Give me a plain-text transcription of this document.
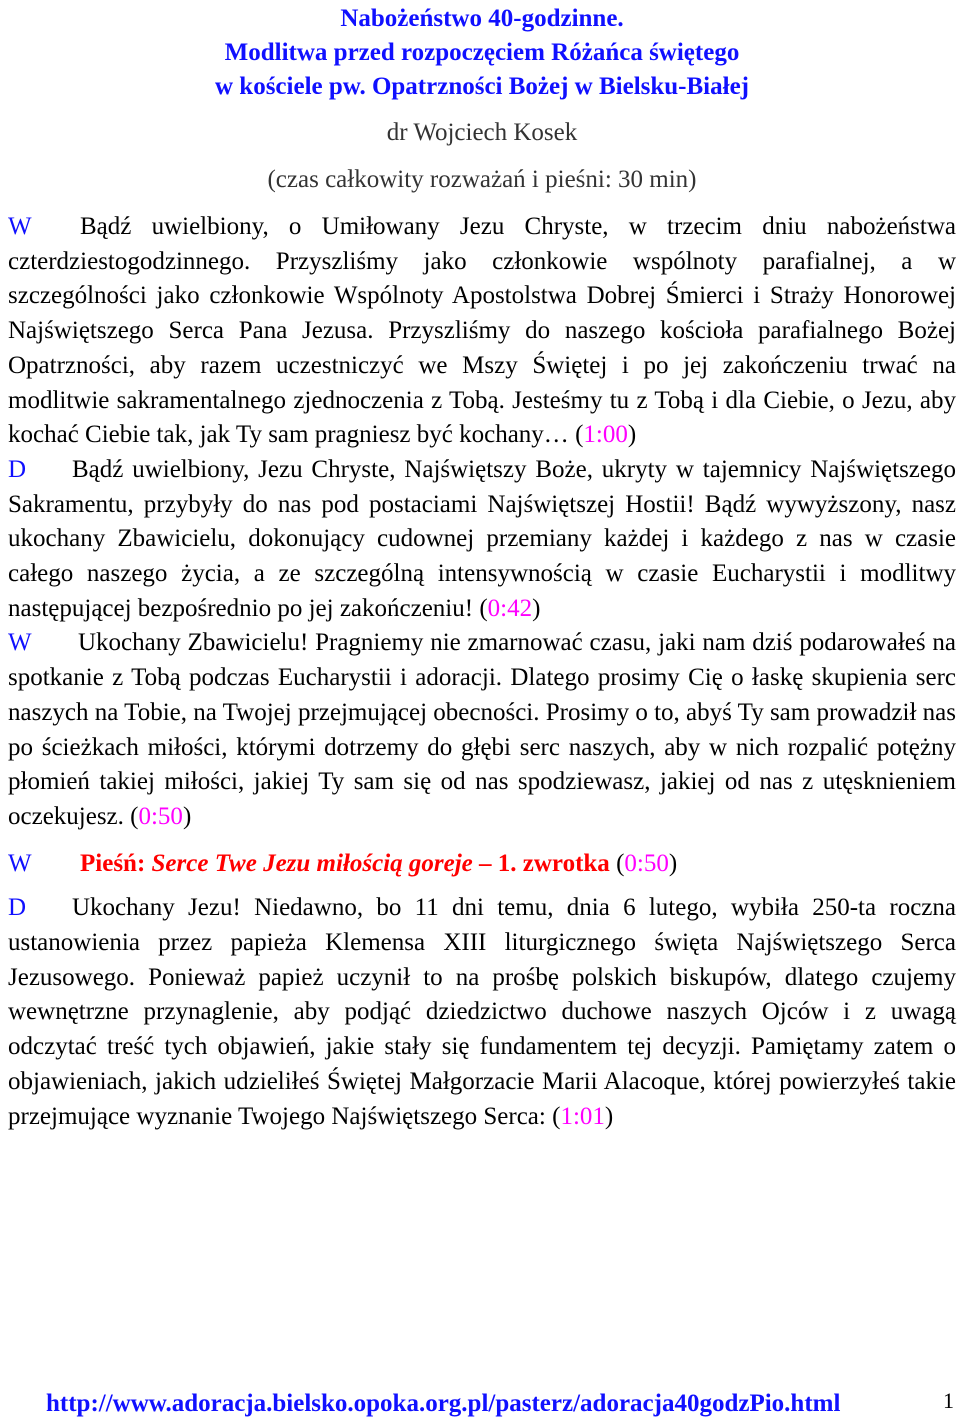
Nabożeństwo 40-godzinne.
Modlitwa przed rozpoczęciem Różańca świętego
w kościele pw. Opatrzności Bożej w Bielsku-Białej
dr Wojciech Kosek
(czas całkowity rozważań i pieśni: 30 min)

W Bądź uwielbiony, o Umiłowany Jezu Chryste, w trzecim dniu nabożeństwa czterdziestogodzinnego. Przyszliśmy jako członkowie wspólnoty parafialnej, a w szczególności jako członkowie Wspólnoty Apostolstwa Dobrej Śmierci i Straży Honorowej Najświętszego Serca Pana Jezusa. Przyszliśmy do naszego kościoła parafialnego Bożej Opatrzności, aby razem uczestniczyć we Mszy Świętej i po jej zakończeniu trwać na modlitwie sakramentalnego zjednoczenia z Tobą. Jesteśmy tu z Tobą i dla Ciebie, o Jezu, aby kochać Ciebie tak, jak Ty sam pragniesz być kochany… (1:00)

D Bądź uwielbiony, Jezu Chryste, Najświętszy Boże, ukryty w tajemnicy Najświętszego Sakramentu, przybyły do nas pod postaciami Najświętszej Hostii! Bądź wywyższony, nasz ukochany Zbawicielu, dokonujący cudownej przemiany każdej i każdego z nas w czasie całego naszego życia, a ze szczególną intensywnością w czasie Eucharystii i modlitwy następującej bezpośrednio po jej zakończeniu! (0:42)

W Ukochany Zbawicielu! Pragniemy nie zmarnować czasu, jaki nam dziś podarowałeś na spotkanie z Tobą podczas Eucharystii i adoracji. Dlatego prosimy Cię o łaskę skupienia serc naszych na Tobie, na Twojej przejmującej obecności. Prosimy o to, abyś Ty sam prowadził nas po ścieżkach miłości, którymi dotrzemy do głębi serc naszych, aby w nich rozpalić potężny płomień takiej miłości, jakiej Ty sam się od nas spodziewasz, jakiej od nas z utęsknieniem oczekujesz. (0:50)

W Pieśń: Serce Twe Jezu miłością goreje – 1. zwrotka (0:50)

D Ukochany Jezu! Niedawno, bo 11 dni temu, dnia 6 lutego, wybiła 250-ta roczna ustanowienia przez papieża Klemensa XIII liturgicznego święta Najświętszego Serca Jezusowego. Ponieważ papież uczynił to na prośbę polskich biskupów, dlatego czujemy wewnętrzne przynaglenie, aby podjąć dziedzictwo duchowe naszych Ojców i z uwagą odczytać treść tych objawień, jakie stały się fundamentem tej decyzji. Pamiętamy zatem o objawieniach, jakich udzieliłeś Świętej Małgorzacie Marii Alacoque, której powierzyłeś takie przejmujące wyznanie Twojego Najświętszego Serca: (1:01)

http://www.adoracja.bielsko.opoka.org.pl/pasterz/adoracja40godzPio.html	1
